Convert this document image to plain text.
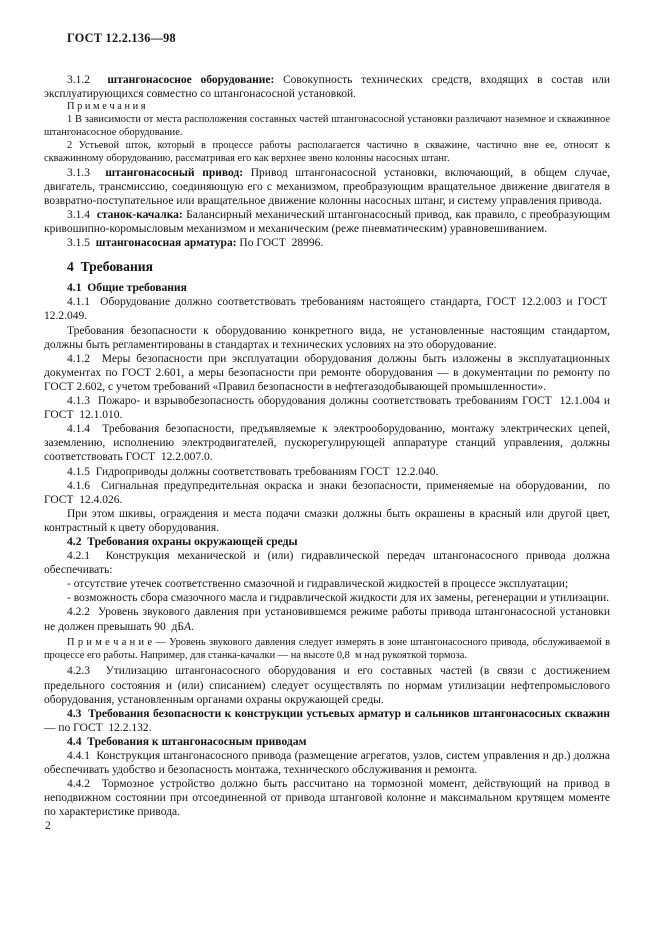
ГОСТ 12.2.136—98

3.1.2  штангонасосное оборудование: Совокупность технических средств, входящих в состав или эксплуатирующихся совместно со штангонасосной установкой.

П р и м е ч а н и я

1 В зависимости от места расположения составных частей штангонасосной установки различают наземное и скважинное штангонасосное оборудование.

2 Устьевой шток, который в процессе работы располагается частично в скважине, частично вне ее, относят к скважинному оборудованию, рассматривая его как верхнее звено колонны насосных штанг.

3.1.3  штангонасосный привод: Привод штангонасосной установки, включающий, в общем случае, двигатель, трансмиссию, соединяющую его с механизмом, преобразующим вращательное движение двигателя в возвратно-поступательное или вращательное движение колонны насосных штанг, и систему управления привода.

3.1.4  станок-качалка: Балансирный механический штангонасосный привод, как правило, с преобразующим кривошипно-коромысловым механизмом и механическим (реже пневматическим) уравновешиванием.

3.1.5  штангонасосная арматура: По ГОСТ  28996.

4  Требования

4.1  Общие требования

4.1.1  Оборудование должно соответствовать требованиям настоящего стандарта, ГОСТ 12.2.003 и ГОСТ  12.2.049.

Требования безопасности к оборудованию конкретного вида, не установленные настоящим стандартом, должны быть регламентированы в стандартах и технических условиях на это оборудование.

4.1.2  Меры безопасности при эксплуатации оборудования должны быть изложены в эксплуатационных документах по ГОСТ 2.601, а меры безопасности при ремонте оборудования — в документации по ремонту по ГОСТ 2.602, с учетом требований «Правил безопасности в нефтегазодобывающей промышленности».

4.1.3  Пожаро- и взрывобезопасность оборудования должны соответствовать требованиям ГОСТ  12.1.004 и ГОСТ  12.1.010.

4.1.4  Требования безопасности, предъявляемые к электрооборудованию, монтажу электрических цепей, заземлению, исполнению электродвигателей, пускорегулирующей аппаратуре станций управления, должны соответствовать ГОСТ  12.2.007.0.

4.1.5  Гидроприводы должны соответствовать требованиям ГОСТ  12.2.040.

4.1.6  Сигнальная предупредительная окраска и знаки безопасности, применяемые на оборудовании,  по ГОСТ  12.4.026.

При этом шкивы, ограждения и места подачи смазки должны быть окрашены в красный или другой цвет, контрастный к цвету оборудования.

4.2  Требования охраны окружающей среды

4.2.1  Конструкция механической и (или) гидравлической передач штангонасосного привода должна обеспечивать:

- отсутствие утечек соответственно смазочной и гидравлической жидкостей в процессе эксплуатации;

- возможность сбора смазочного масла и гидравлической жидкости для их замены, регенерации и утилизации.

4.2.2  Уровень звукового давления при установившемся режиме работы привода штангонасосной установки не должен превышать 90  дБА.

П р и м е ч а н и е — Уровень звукового давления следует измерять в зоне штангонасосного привода, обслуживаемой в процессе его работы. Например, для станка-качалки — на высоте 0,8  м над рукояткой тормоза.

4.2.3  Утилизацию штангонасосного оборудования и его составных частей (в связи с достижением предельного состояния и (или) списанием) следует осуществлять по нормам утилизации нефтепромыслового оборудования, установленным органами охраны окружающей среды.

4.3  Требования безопасности к конструкции устьевых арматур и сальников штангонасосных скважин — по ГОСТ  12.2.132.

4.4  Требования к штангонасосным приводам

4.4.1  Конструкция штангонасосного привода (размещение агрегатов, узлов, систем управления и др.) должна обеспечивать удобство и безопасность монтажа, технического обслуживания и ремонта.

4.4.2  Тормозное устройство должно быть рассчитано на тормозной момент, действующий на привод в неподвижном состоянии при отсоединенной от привода штанговой колонне и максимальном крутящем моменте по характеристике привода.

2
